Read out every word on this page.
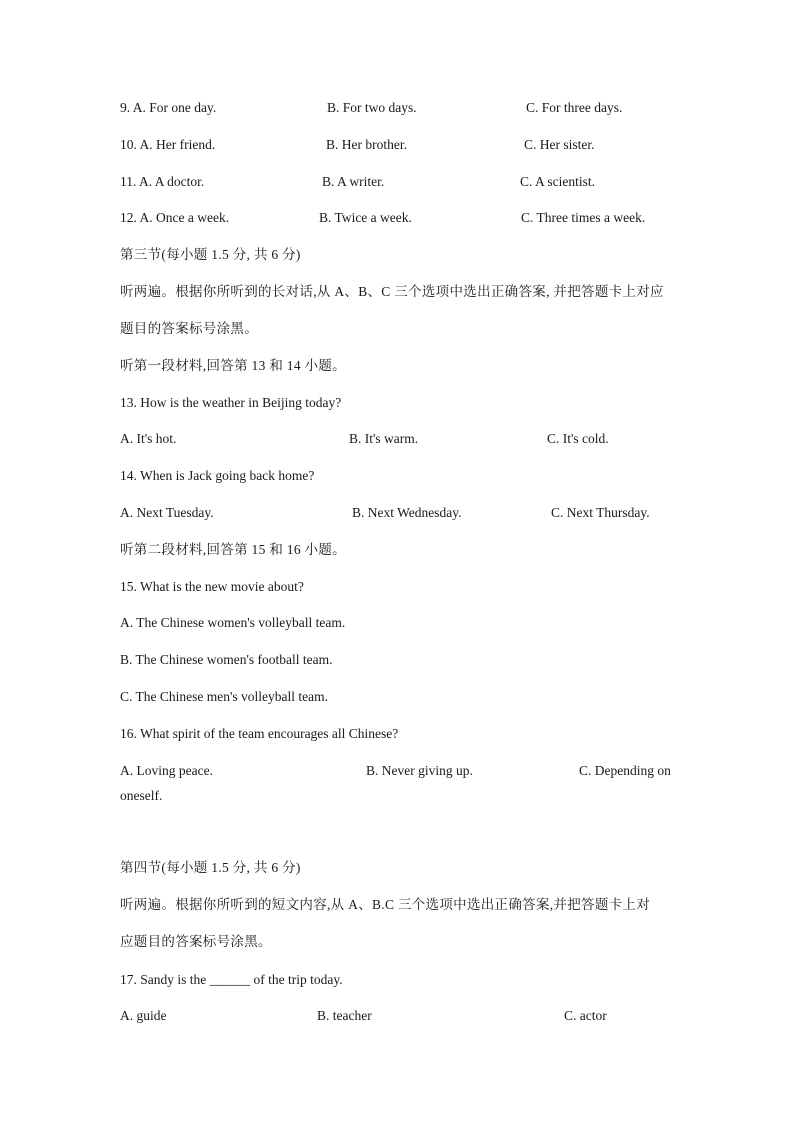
9. A. For one day.	B. For two days.	C. For three days.
10. A. Her friend.	B. Her brother.	C. Her sister.
11. A. A doctor.	B. A writer.	C. A scientist.
12. A. Once a week.	B. Twice a week.	C. Three times a week.
第三节(每小题 1.5 分, 共 6 分)
听两遍。根据你所听到的长对话,从 A、B、C 三个选项中选出正确答案, 并把答题卡上对应
题目的答案标号涂黑。
听第一段材料,回答第 13 和 14 小题。
13. How is the weather in Beijing today?
A. It's hot.	B. It's warm.	C. It's cold.
14. When is Jack going back home?
A. Next Tuesday.	B. Next Wednesday.	C. Next Thursday.
听第二段材料,回答第 15 和 16 小题。
15. What is the new movie about?
A. The Chinese women's volleyball team.
B. The Chinese women's football team.
C. The Chinese men's volleyball team.
16. What spirit of the team encourages all Chinese?
A. Loving peace.	B. Never giving up.	C. Depending on
oneself.
第四节(每小题 1.5 分, 共 6 分)
听两遍。根据你所听到的短文内容,从 A、B.C 三个选项中选出正确答案,并把答题卡上对
应题目的答案标号涂黑。
17. Sandy is the ______ of the trip today.
A. guide	B. teacher	C. actor
